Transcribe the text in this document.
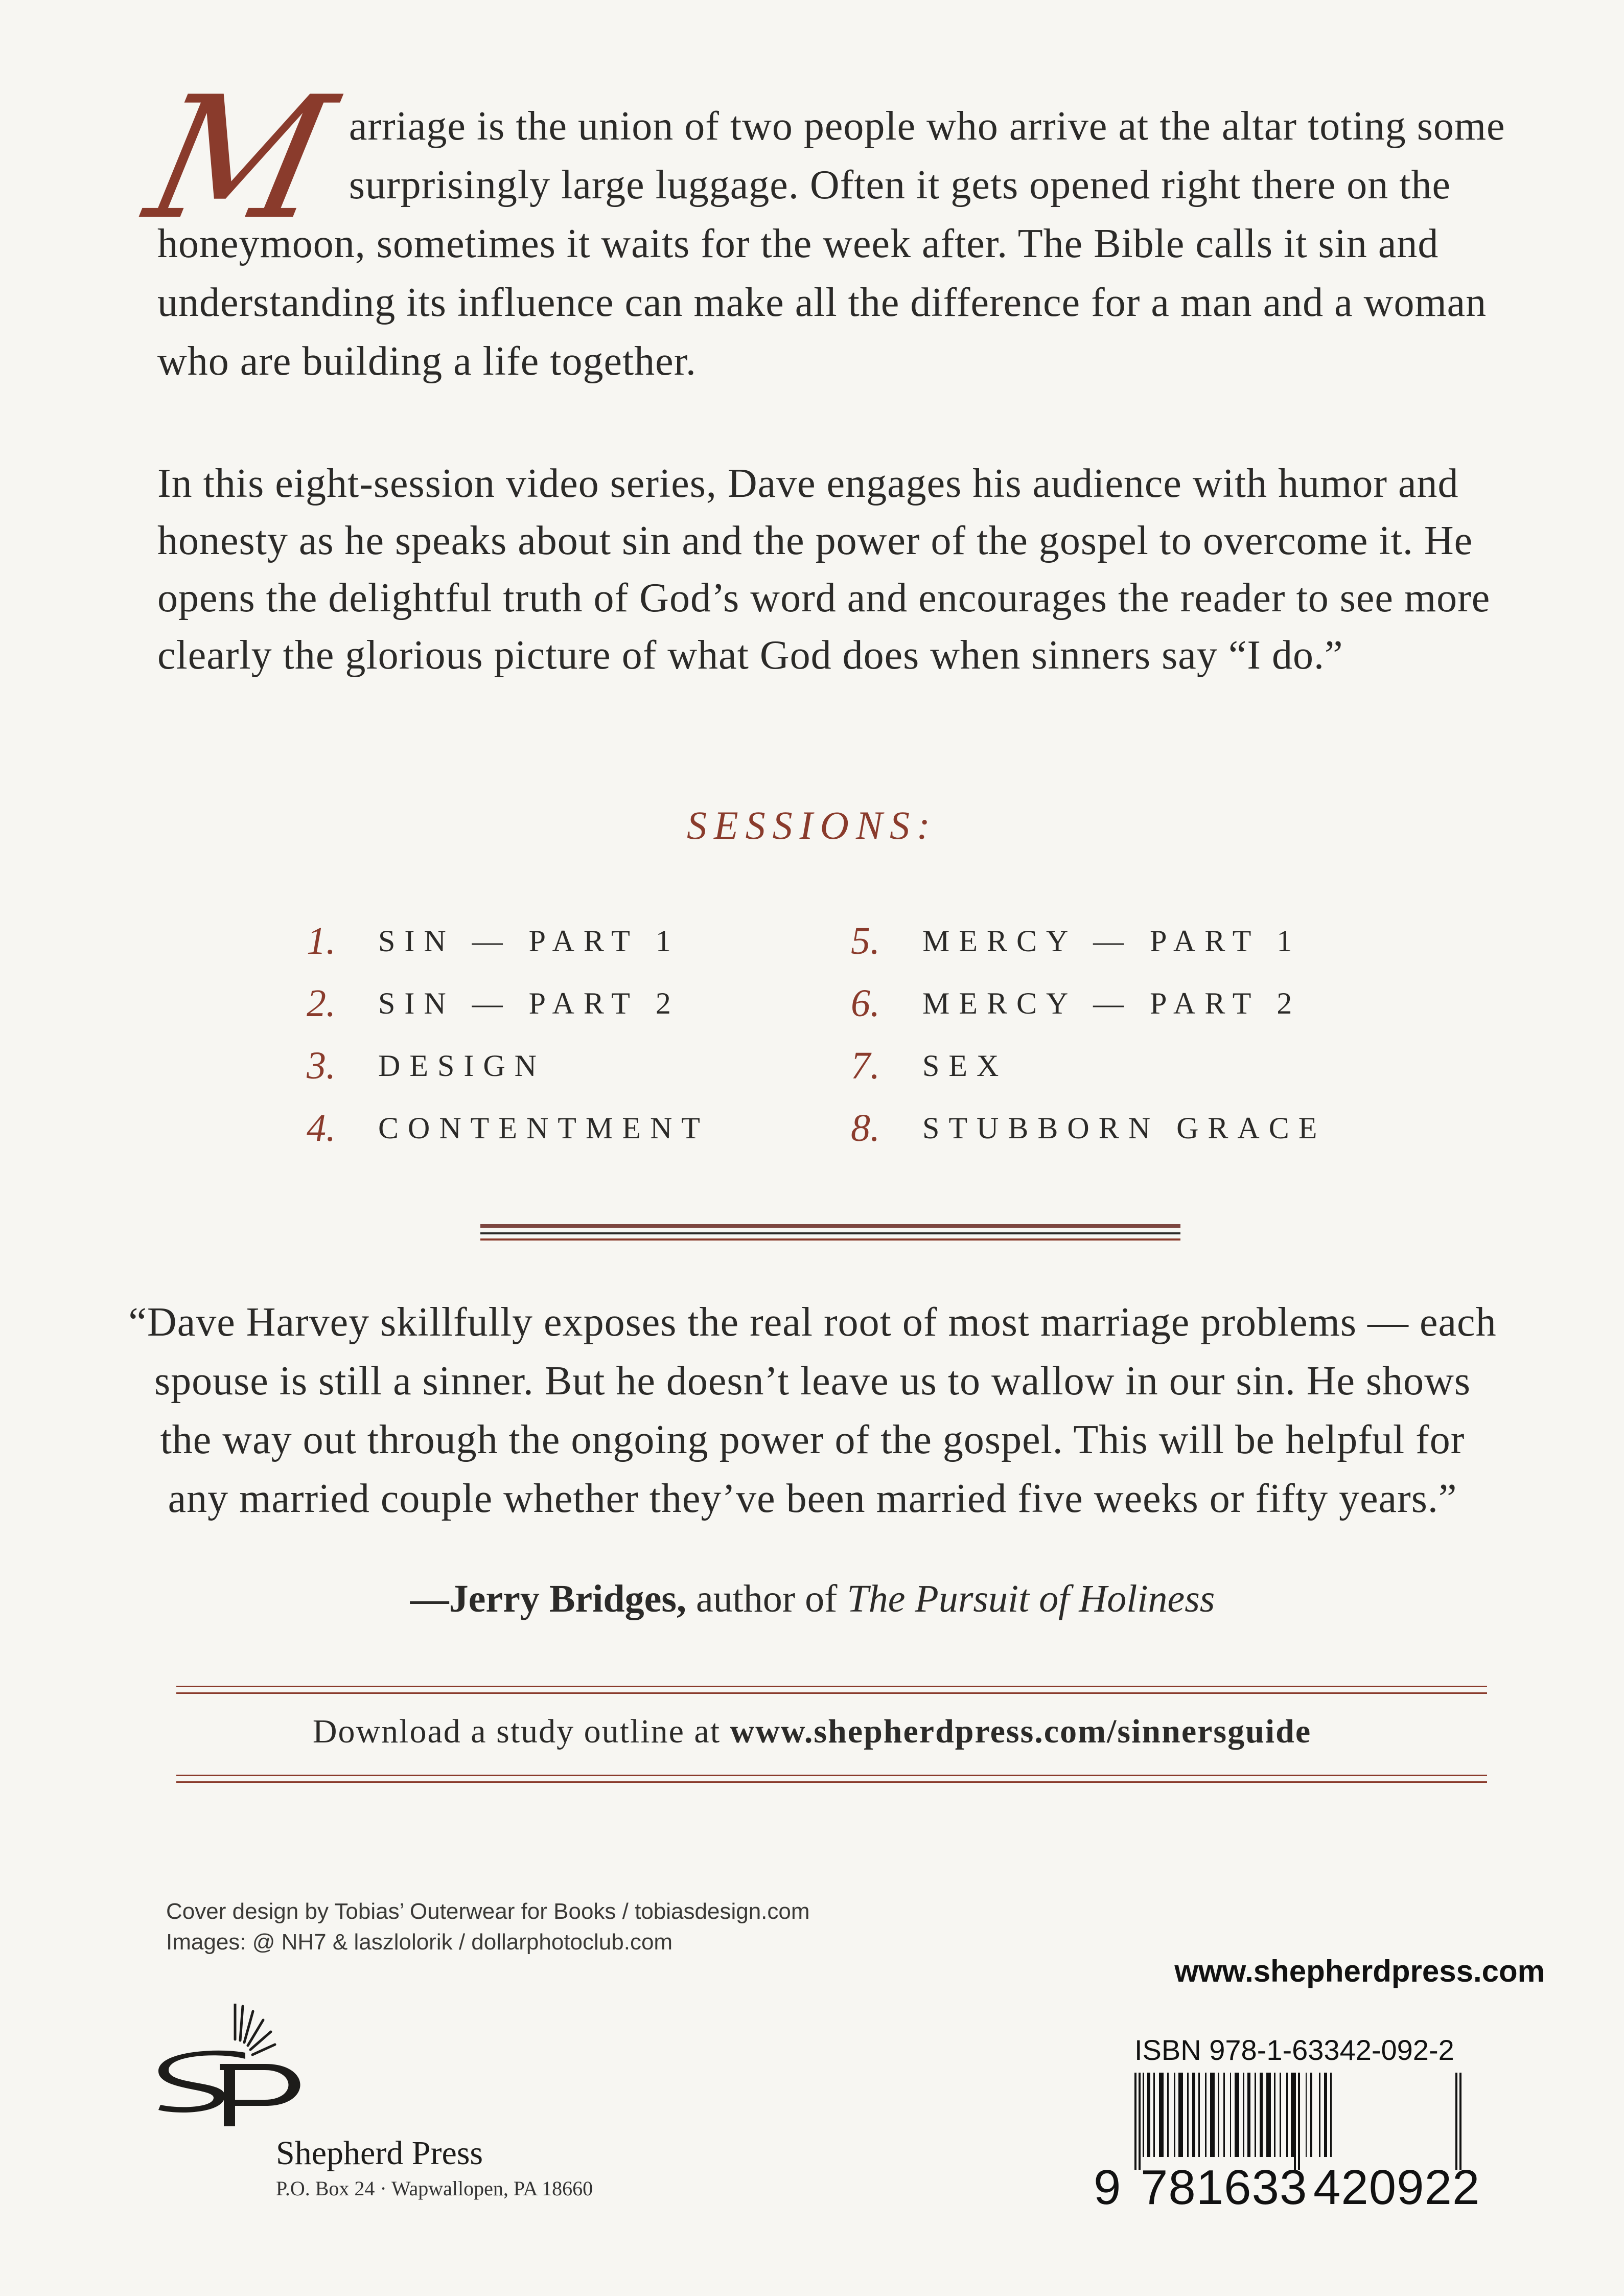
Marriage is the union of two people who arrive at the altar toting some surprisingly large luggage. Often it gets opened right there on the honeymoon, sometimes it waits for the week after. The Bible calls it sin and understanding its influence can make all the difference for a man and a woman who are building a life together.
In this eight-session video series, Dave engages his audience with humor and honesty as he speaks about sin and the power of the gospel to overcome it. He opens the delightful truth of God’s word and encourages the reader to see more clearly the glorious picture of what God does when sinners say “I do.”
SESSIONS:
1.	SIN — PART 1
2.	SIN — PART 2
3.	DESIGN
4.	CONTENTMENT
5.	MERCY — PART 1
6.	MERCY — PART 2
7.	SEX
8.	STUBBORN GRACE
“Dave Harvey skillfully exposes the real root of most marriage problems — each spouse is still a sinner. But he doesn’t leave us to wallow in our sin. He shows the way out through the ongoing power of the gospel. This will be helpful for any married couple whether they’ve been married five weeks or fifty years.”
—Jerry Bridges, author of The Pursuit of Holiness
Download a study outline at www.shepherdpress.com/sinnersguide
Cover design by Tobias’ Outerwear for Books / tobiasdesign.com
Images: @ NH7 & laszlolorik / dollarphotoclub.com
www.shepherdpress.com
SP
Shepherd Press
P.O. Box 24 · Wapwallopen, PA 18660
ISBN 978-1-63342-092-2
9 781633 420922
